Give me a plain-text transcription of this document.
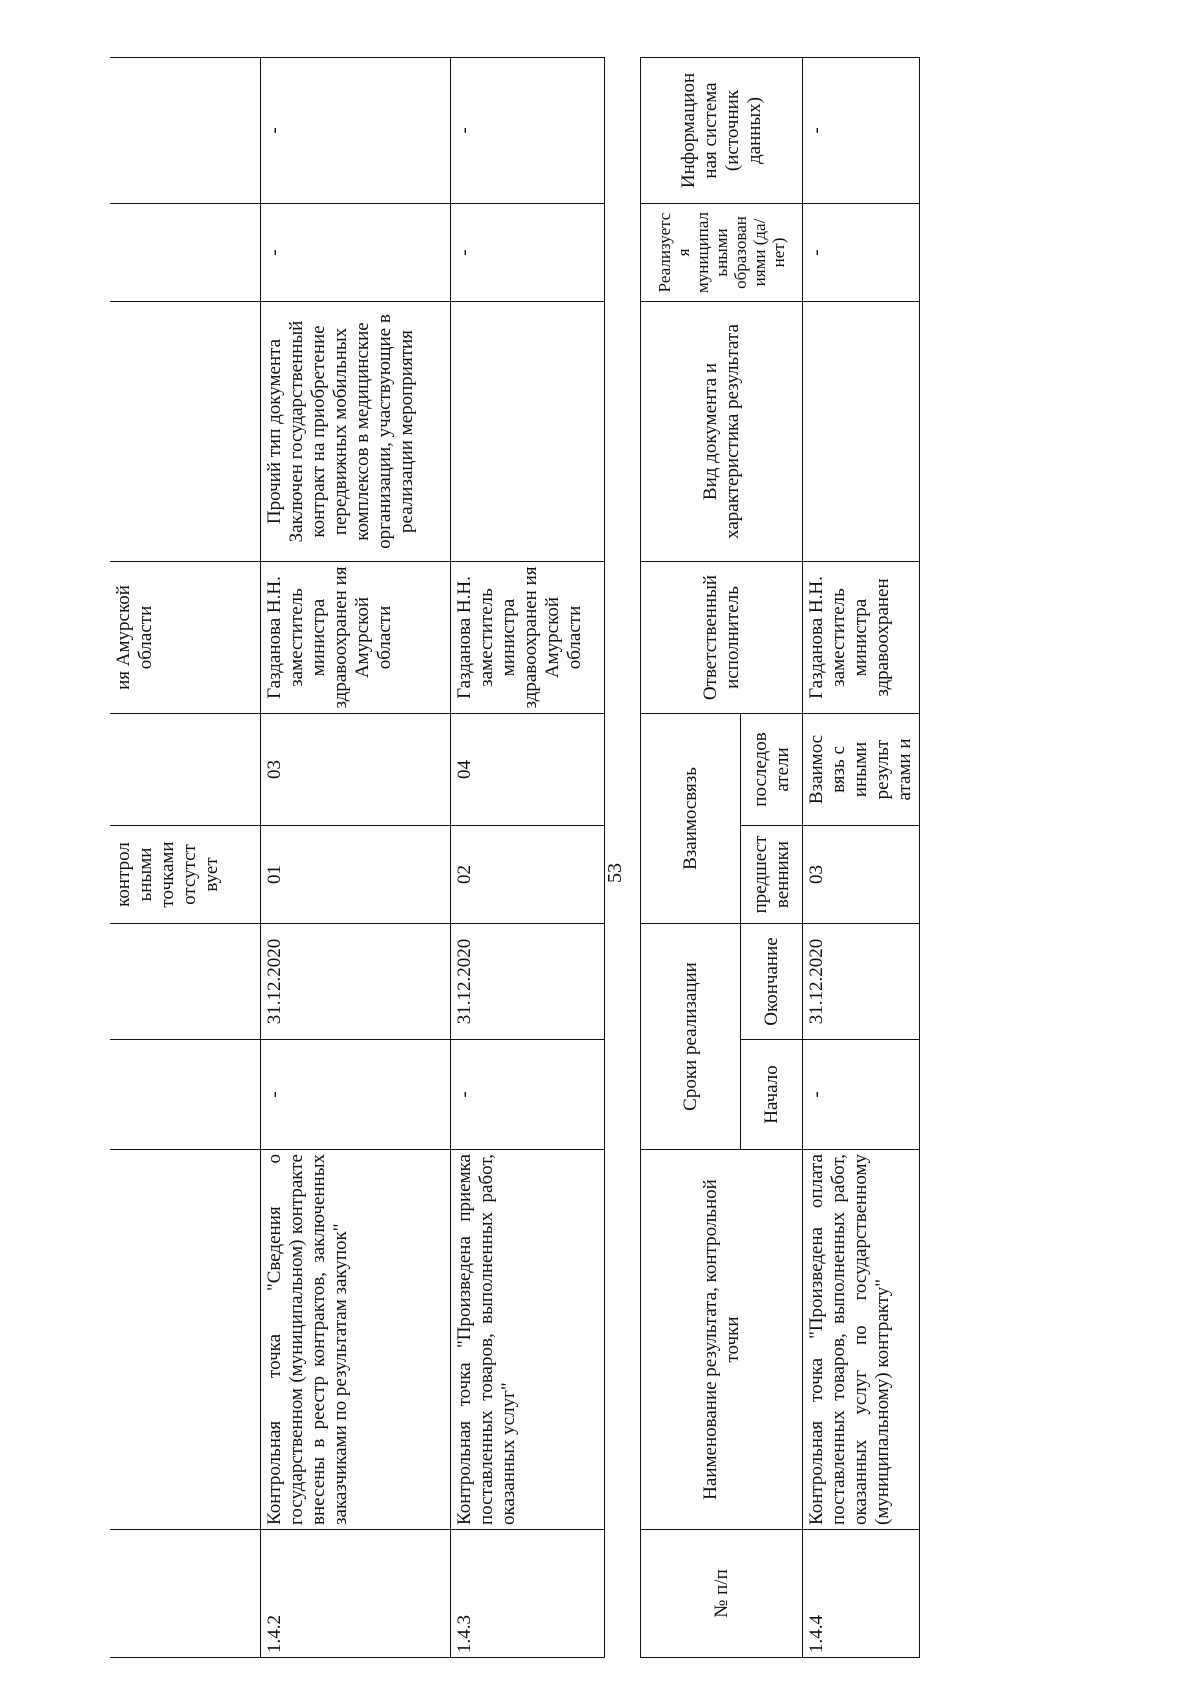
				контрол ьными точками отсутст вует		ия Амурской области			
1.4.2	Контрольная точка "Сведения о государственном (муниципальном) контракте внесены в реестр контрактов, заключенных заказчиками по результатам закупок"	-	31.12.2020	01	03	Газданова Н.Н. заместитель министра здравоохранен ия Амурской области	Прочий тип документа Заключен государственный контракт на приобретение передвижных мобильных комплексов в медицинские организации, участвующие в реализации мероприятия	-	-
1.4.3	Контрольная точка "Произведена приемка поставленных товаров, выполненных работ, оказанных услуг"	-	31.12.2020	02	04	Газданова Н.Н. заместитель министра здравоохранен ия Амурской области		-	-
53
№ п/п	Наименование результата, контрольной точки	Сроки реализации		Взаимосвязь		Ответственный исполнитель	Вид документа и характеристика результата	Реализуетс я муниципал ьными образован иями (да/нет)	Информацион ная система (источник данных)
		Начало	Окончание	предшест венники	последов атели				
1.4.4	Контрольная точка "Произведена оплата поставленных товаров, выполненных работ, оказанных услуг по государственному (муниципальному) контракту"	-	31.12.2020	03	Взаимос вязь с иными результ атами и	Газданова Н.Н. заместитель министра здравоохранен		-	-
